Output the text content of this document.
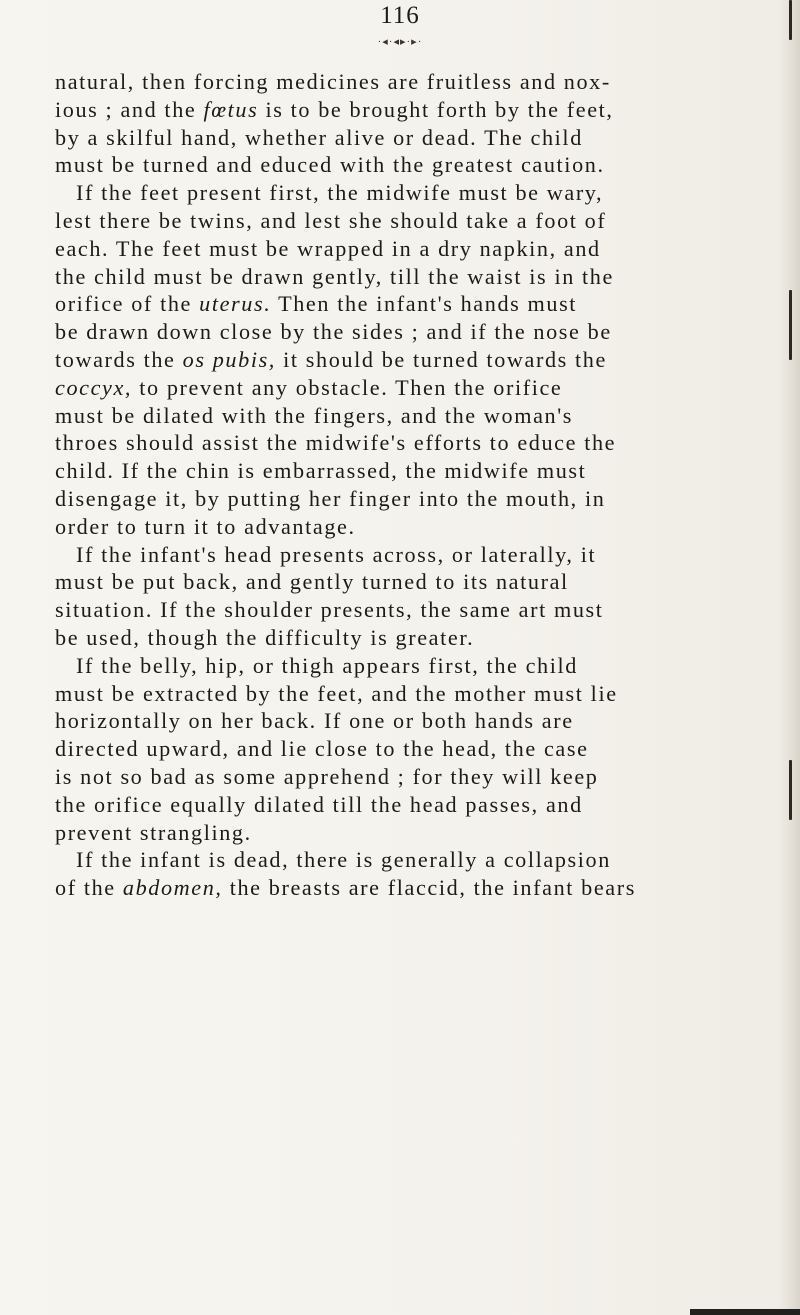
116
·◂·◂▸·▸·
natural, then forcing medicines are fruitless and nox-
ious ; and the fœtus is to be brought forth by the feet,
by a skilful hand, whether alive or dead. The child
must be turned and educed with the greatest caution.
If the feet present first, the midwife must be wary,
lest there be twins, and lest she should take a foot of
each. The feet must be wrapped in a dry napkin, and
the child must be drawn gently, till the waist is in the
orifice of the uterus. Then the infant's hands must
be drawn down close by the sides ; and if the nose be
towards the os pubis, it should be turned towards the
coccyx, to prevent any obstacle. Then the orifice
must be dilated with the fingers, and the woman's
throes should assist the midwife's efforts to educe the
child. If the chin is embarrassed, the midwife must
disengage it, by putting her finger into the mouth, in
order to turn it to advantage.
If the infant's head presents across, or laterally, it
must be put back, and gently turned to its natural
situation. If the shoulder presents, the same art must
be used, though the difficulty is greater.
If the belly, hip, or thigh appears first, the child
must be extracted by the feet, and the mother must lie
horizontally on her back. If one or both hands are
directed upward, and lie close to the head, the case
is not so bad as some apprehend ; for they will keep
the orifice equally dilated till the head passes, and
prevent strangling.
If the infant is dead, there is generally a collapsion
of the abdomen, the breasts are flaccid, the infant bears
